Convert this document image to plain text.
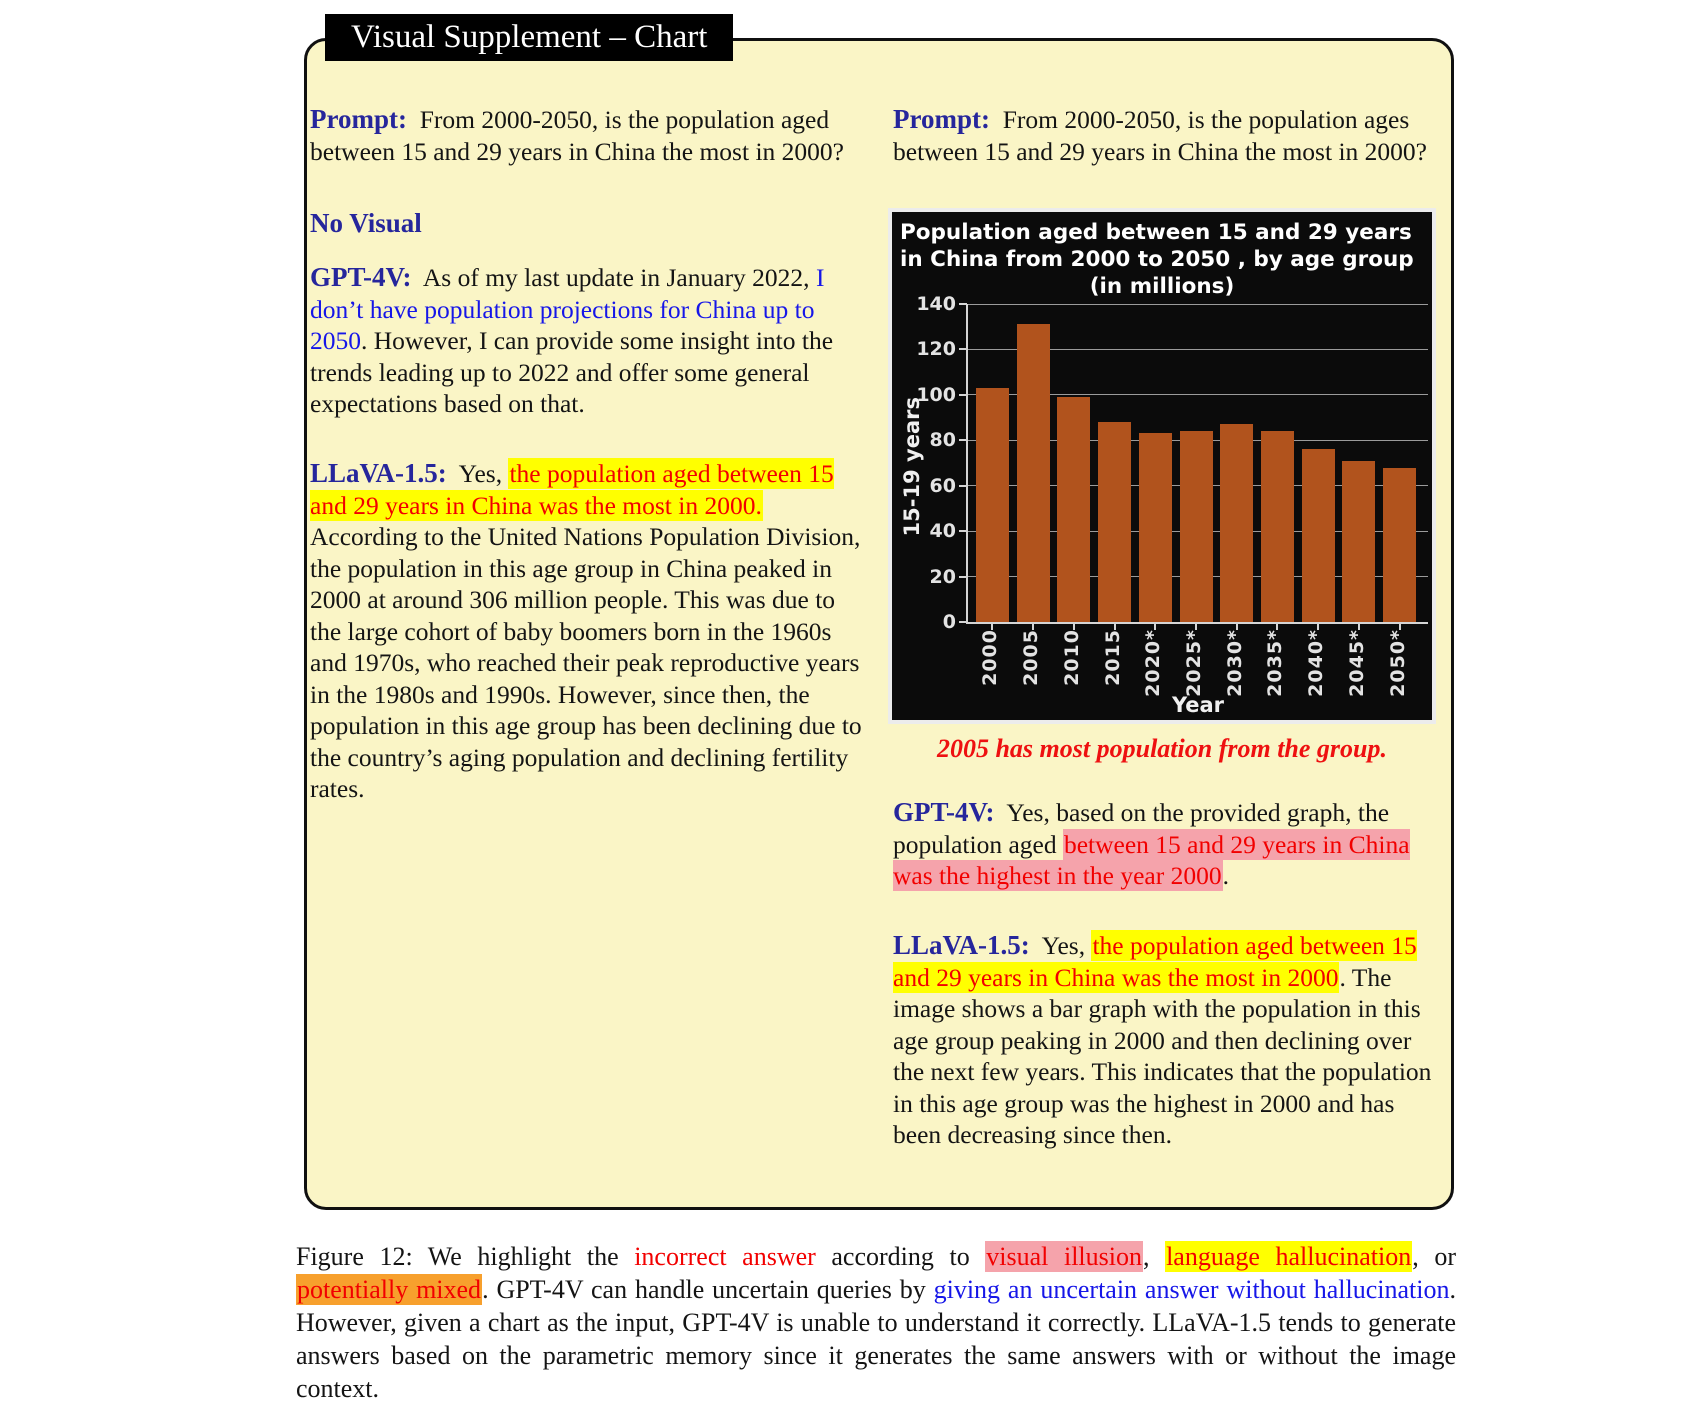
Visual Supplement – Chart
Prompt:  From 2000-2050, is the population aged between 15 and 29 years in China the most in 2000?
No Visual
GPT-4V:  As of my last update in January 2022, I don’t have population projections for China up to 2050. However, I can provide some insight into the trends leading up to 2022 and offer some general expectations based on that.
LLaVA-1.5:  Yes, the population aged between 15 and 29 years in China was the most in 2000. According to the United Nations Population Division, the population in this age group in China peaked in 2000 at around 306 million people. This was due to the large cohort of baby boomers born in the 1960s and 1970s, who reached their peak reproductive years in the 1980s and 1990s. However, since then, the population in this age group has been declining due to the country’s aging population and declining fertility rates.
Prompt:  From 2000-2050, is the population ages between 15 and 29 years in China the most in 2000?
Population aged between 15 and 29 years
in China from 2000 to 2050 , by age group
(in millions)
15-19 years
Year
0
20
40
60
80
100
120
140
2000 2005 2010 2015 2020* 2025* 2030* 2035* 2040* 2045* 2050*
2005 has most population from the group.
GPT-4V:  Yes, based on the provided graph, the population aged between 15 and 29 years in China was the highest in the year 2000.
LLaVA-1.5:  Yes, the population aged between 15 and 29 years in China was the most in 2000. The image shows a bar graph with the population in this age group peaking in 2000 and then declining over the next few years. This indicates that the population in this age group was the highest in 2000 and has been decreasing since then.
Figure 12: We highlight the incorrect answer according to visual illusion, language hallucination, or potentially mixed. GPT-4V can handle uncertain queries by giving an uncertain answer without hallucination. However, given a chart as the input, GPT-4V is unable to understand it correctly. LLaVA-1.5 tends to generate answers based on the parametric memory since it generates the same answers with or without the image context.
